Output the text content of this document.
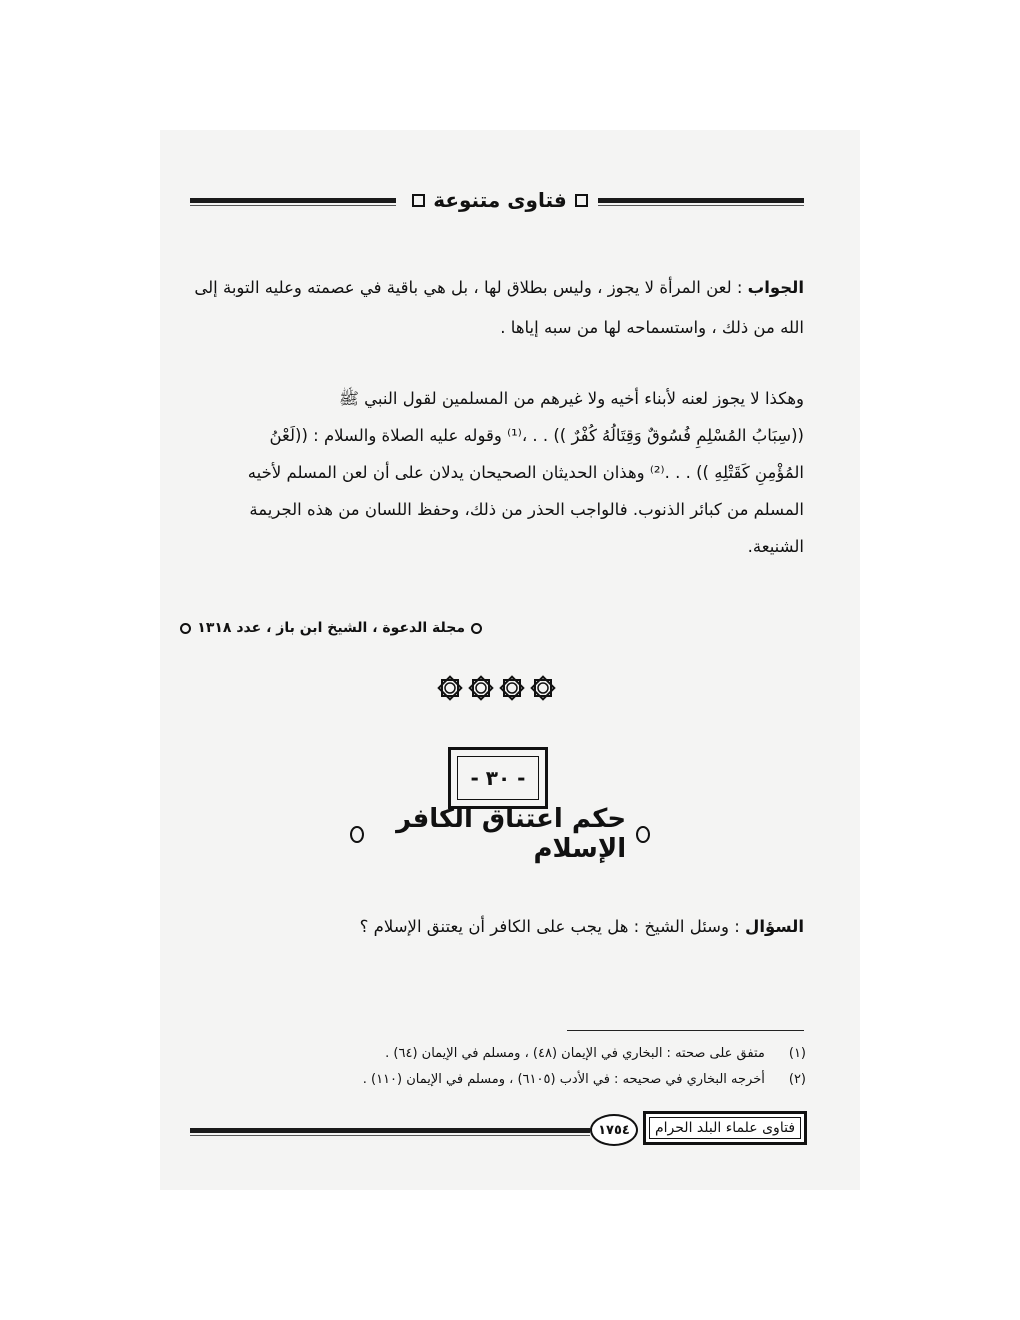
فتاوى متنوعة
الجواب : لعن المرأة لا يجوز ، وليس بطلاق لها ، بل هي باقية في عصمته وعليه التوبة إلى
الله من ذلك ، واستسماحه لها من سبه إياها .
وهكذا لا يجوز لعنه لأبناء أخيه ولا غيرهم من المسلمين لقول النبي ﷺ
((سِبَابُ المُسْلِمِ فُسُوقٌ وَقِتَالُهُ كُفْرٌ )) . . ،⁽¹⁾ وقوله عليه الصلاة والسلام : ((لَعْنُ
المُؤْمِنِ كَقَتْلِهِ )) . . .⁽²⁾ وهذان الحديثان الصحيحان يدلان على أن لعن المسلم لأخيه
المسلم من كبائر الذنوب. فالواجب الحذر من ذلك، وحفظ اللسان من هذه الجريمة
الشنيعة.
مجلة الدعوة ، الشيخ ابن باز ، عدد ١٣١٨
- ٣٠ -
حكم اعتناق الكافر الإسلام
السؤال : وسئل الشيخ : هل يجب على الكافر أن يعتنق الإسلام ؟
(١)
متفق على صحته : البخاري في الإيمان (٤٨) ، ومسلم في الإيمان (٦٤) .
(٢)
أخرجه البخاري في صحيحه : في الأدب (٦١٠٥) ، ومسلم في الإيمان (١١٠) .
١٧٥٤	فتاوى علماء البلد الحرام
